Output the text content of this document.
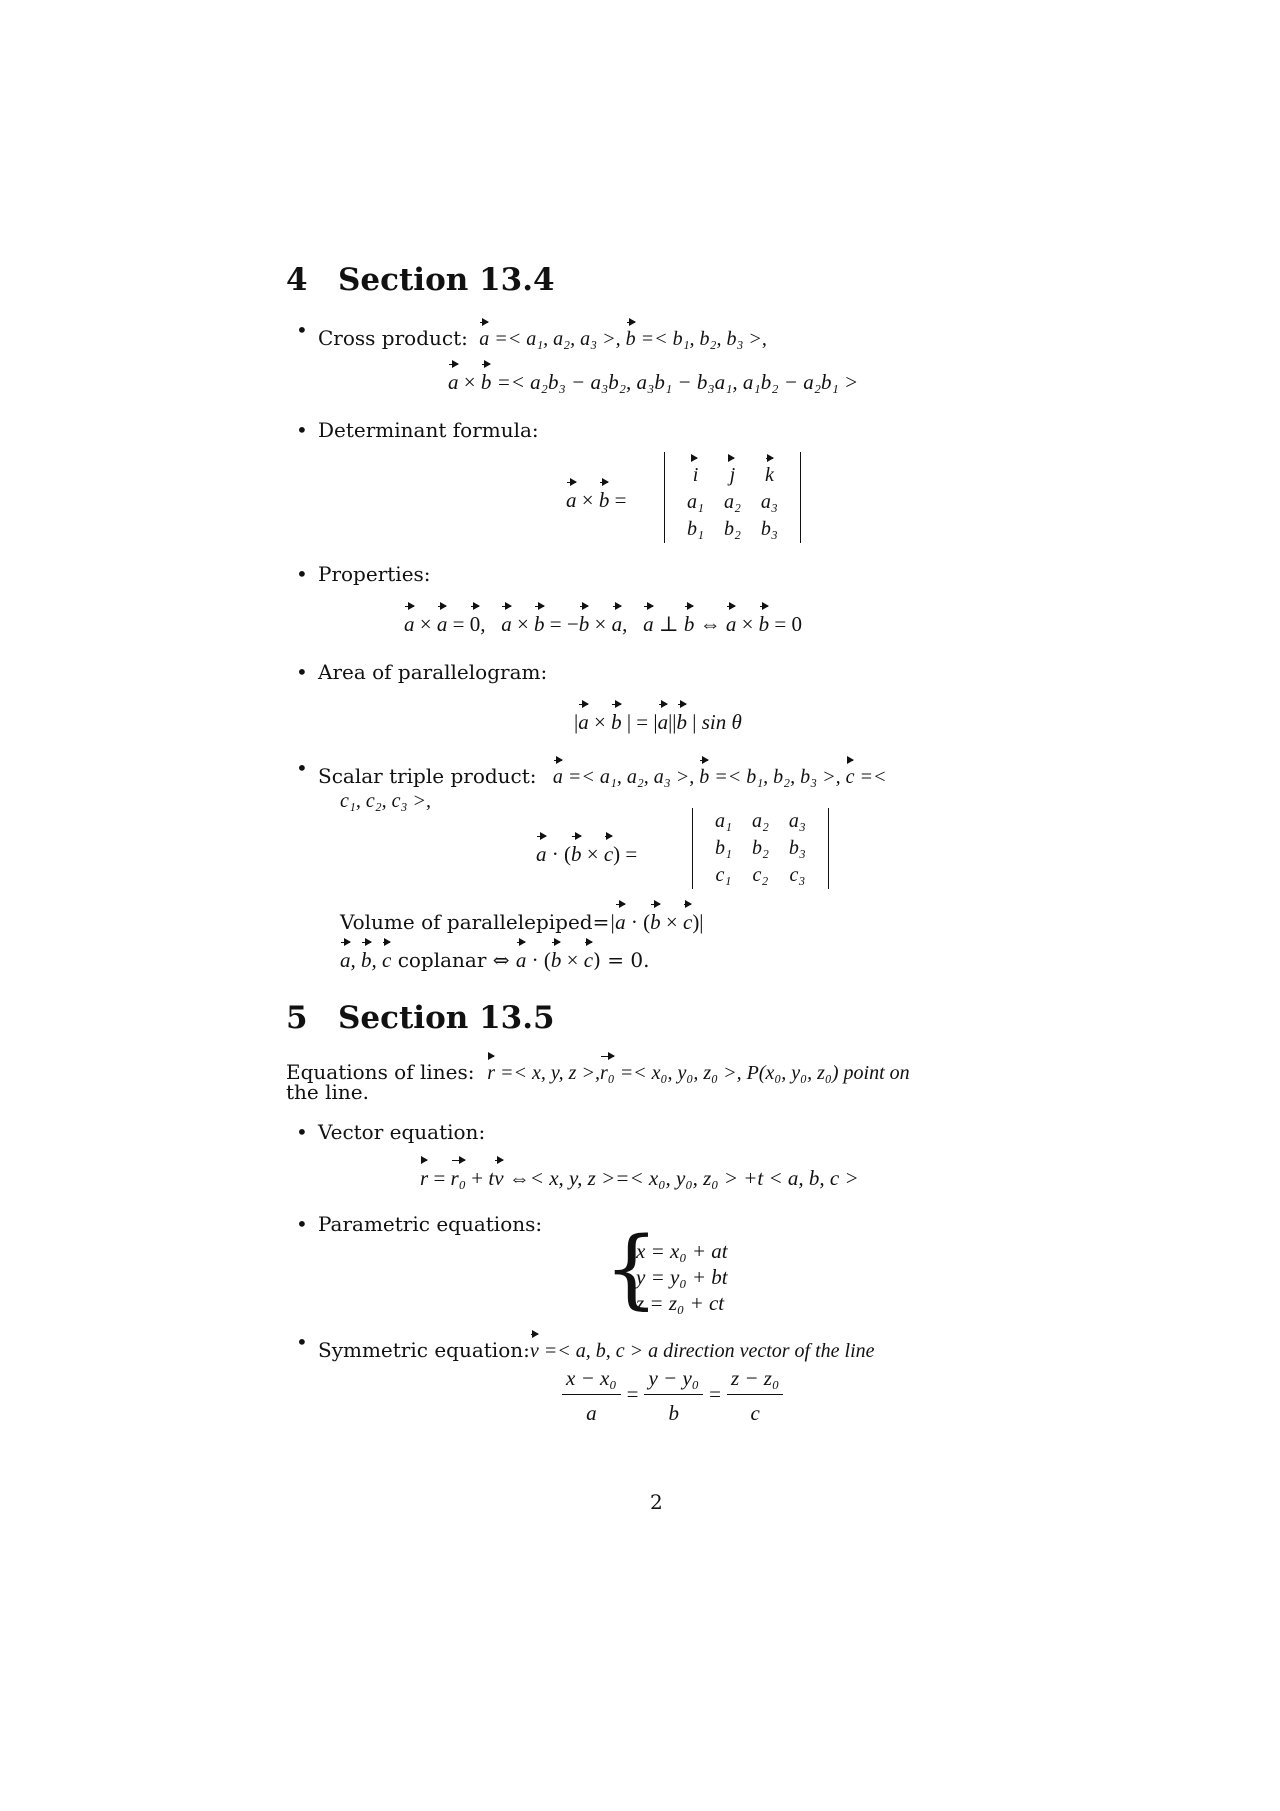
4 Section 13.4
• Cross product: a =< a₁, a₂, a₃ >, b =< b₁, b₂, b₃ >,
a × b =< a₂b₃ − a₃b₂, a₃b₁ − b₃a₁, a₁b₂ − a₂b₁ >
• Determinant formula:
a × b =
i	j	k
a₁	a₂	a₃
b₁	b₂	b₃
• Properties:
a × a = 0,   a × b = −b × a,   a ⊥ b ⇔ a × b = 0
• Area of parallelogram:
|a × b | = |a||b | sin θ
• Scalar triple product: a =< a₁, a₂, a₃ >, b =< b₁, b₂, b₃ >, c =<
c₁, c₂, c₃ >,
a · (b × c) =
a₁	a₂	a₃
b₁	b₂	b₃
c₁	c₂	c₃
Volume of parallelepiped=|a · (b × c)|
a, b, c coplanar ⇔ a · (b × c) = 0.
5 Section 13.5
Equations of lines: r =< x, y, z >,r₀ =< x₀, y₀, z₀ >, P(x₀, y₀, z₀) point on
the line.
• Vector equation:
r = r₀ + tv ⇔< x, y, z >=< x₀, y₀, z₀ > +t < a, b, c >
• Parametric equations: {
x = x₀ + at
y = y₀ + bt
z = z₀ + ct
• Symmetric equation:v =< a, b, c > a direction vector of the line
$\frac{\text{x − x₀}}{a} = \frac{\text{y − y₀}}{b} = \frac{\text{z − z₀}}{c}$
2
